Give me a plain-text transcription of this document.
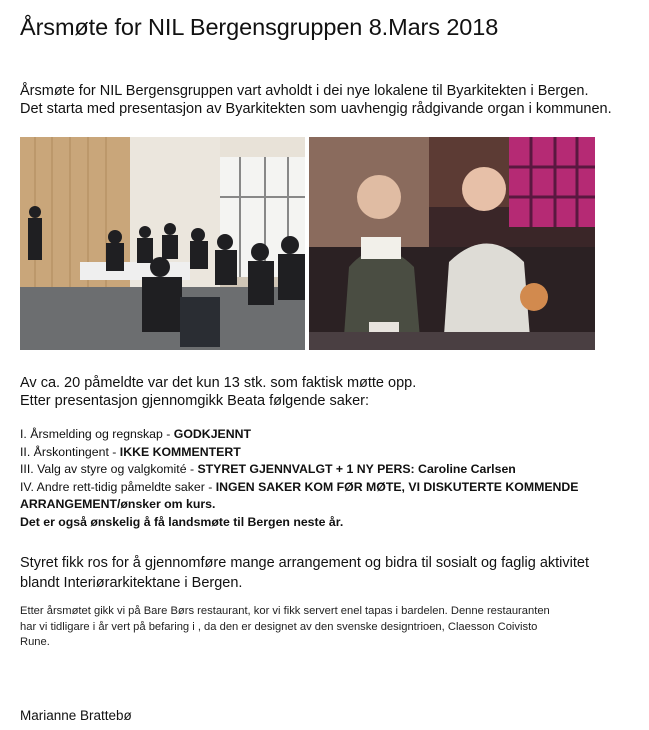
Årsmøte for NIL Bergensgruppen 8.Mars 2018
Årsmøte for NIL Bergensgruppen vart avholdt i dei nye lokalene til Byarkitekten i Bergen.
Det starta med presentasjon av Byarkitekten som uavhengig rådgivande organ i kommunen.
Av ca. 20 påmeldte var det kun 13 stk. som faktisk møtte opp.
Etter presentasjon gjennomgikk Beata følgende saker:
I. Årsmelding og regnskap - GODKJENNT
II. Årskontingent - IKKE KOMMENTERT
III. Valg av styre og valgkomité - STYRET GJENNVALGT + 1 NY PERS: Caroline Carlsen
IV. Andre rett-tidig påmeldte saker - INGEN SAKER KOM FØR MØTE, VI DISKUTERTE KOMMENDE ARRANGEMENT/ønsker om kurs.
Det er også ønskelig å få landsmøte til Bergen neste år.
Styret fikk ros for å gjennomføre mange arrangement og bidra til sosialt og faglig aktivitet
blandt Interiørarkitektane i Bergen.
Etter årsmøtet gikk vi på Bare Børs restaurant, kor vi fikk servert enel tapas i bardelen. Denne restauranten
har vi tidligare i år vert på befaring i , da den er designet av den svenske designtrioen, Claesson Coivisto
Rune.
Marianne Brattebø
